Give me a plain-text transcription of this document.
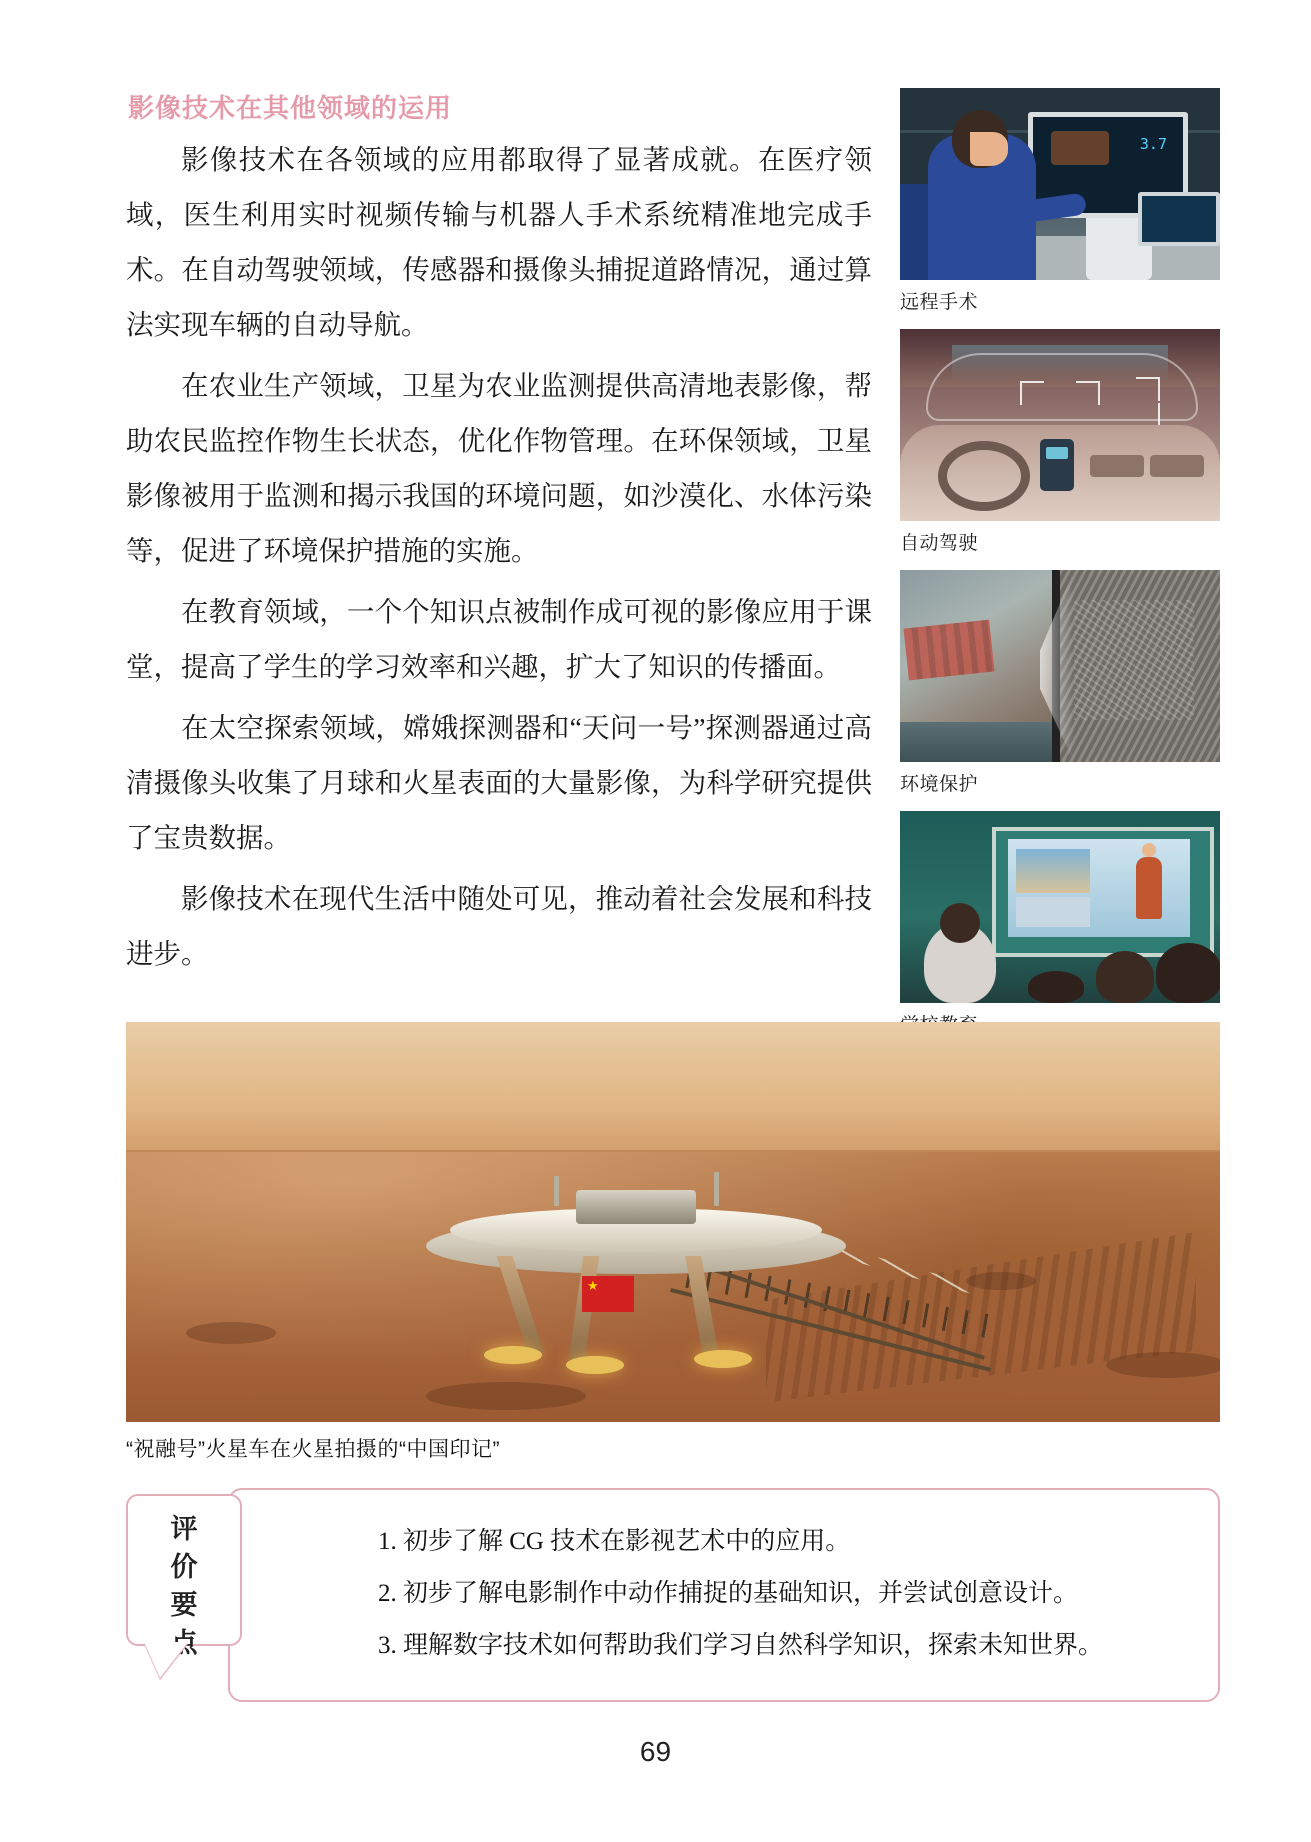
影像技术在其他领域的运用

影像技术在各领域的应用都取得了显著成就。在医疗领域，医生利用实时视频传输与机器人手术系统精准地完成手术。在自动驾驶领域，传感器和摄像头捕捉道路情况，通过算法实现车辆的自动导航。

在农业生产领域，卫星为农业监测提供高清地表影像，帮助农民监控作物生长状态，优化作物管理。在环保领域，卫星影像被用于监测和揭示我国的环境问题，如沙漠化、水体污染等，促进了环境保护措施的实施。

在教育领域，一个个知识点被制作成可视的影像应用于课堂，提高了学生的学习效率和兴趣，扩大了知识的传播面。

在太空探索领域，嫦娥探测器和“天问一号”探测器通过高清摄像头收集了月球和火星表面的大量影像，为科学研究提供了宝贵数据。

影像技术在现代生活中随处可见，推动着社会发展和科技进步。

3.7
远程手术
自动驾驶
环境保护
★
“祝融号”火星车在火星拍摄的“中国印记”
1. 初步了解 CG 技术在影视艺术中的应用。
2. 初步了解电影制作中动作捕捉的基础知识，并尝试创意设计。
3. 理解数字技术如何帮助我们学习自然科学知识，探索未知世界。
评
价
要
点
69
